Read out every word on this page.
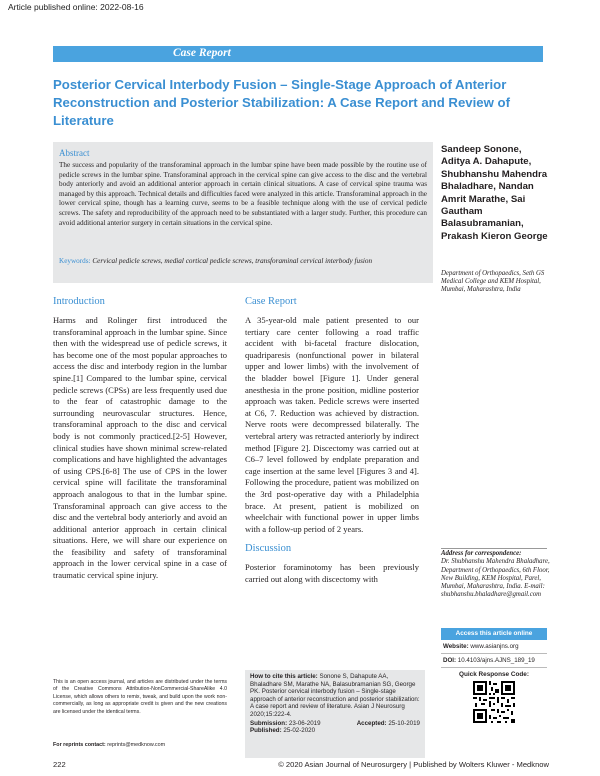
Article published online: 2022-08-16
Case Report
Posterior Cervical Interbody Fusion – Single-Stage Approach of Anterior Reconstruction and Posterior Stabilization: A Case Report and Review of Literature
Abstract

The success and popularity of the transforaminal approach in the lumbar spine have been made possible by the routine use of pedicle screws in the lumbar spine. Transforaminal approach in the cervical spine can give access to the disc and the vertebral body anteriorly and avoid an additional anterior approach in certain clinical situations. A case of cervical spine trauma was managed by this approach. Technical details and difficulties faced were analyzed in this article. Transforaminal approach in the lower cervical spine, though has a learning curve, seems to be a feasible technique along with the use of cervical pedicle screws. The safety and reproducibility of the approach need to be substantiated with a larger study. Further, this procedure can avoid additional anterior surgery in certain situations in the cervical spine.

Keywords: Cervical pedicle screws, medial cortical pedicle screws, transforaminal cervical interbody fusion
Sandeep Sonone, Aditya A. Dahapute, Shubhanshu Mahendra Bhaladhare, Nandan Amrit Marathe, Sai Gautham Balasubramanian, Prakash Kieron George
Department of Orthopaedics, Seth GS Medical College and KEM Hospital, Mumbai, Maharashtra, India
Introduction

Harms and Rolinger first introduced the transforaminal approach in the lumbar spine. Since then with the widespread use of pedicle screws, it has become one of the most popular approaches to access the disc and interbody region in the lumbar spine.[1] Compared to the lumbar spine, cervical pedicle screws (CPSs) are less frequently used due to the fear of catastrophic damage to the surrounding neurovascular structures. Hence, transforaminal approach to the disc and cervical body is not commonly practiced.[2-5] However, clinical studies have shown minimal screw-related complications and have highlighted the advantages of using CPS.[6-8] The use of CPS in the lower cervical spine will facilitate the transforaminal approach analogous to that in the lumbar spine. Transforaminal approach can give access to the disc and the vertebral body anteriorly and avoid an additional anterior approach in certain clinical situations. Here, we will share our experience on the feasibility and safety of transforaminal approach in the lower cervical spine in a case of traumatic cervical spine injury.

Case Report

A 35-year-old male patient presented to our tertiary care center following a road traffic accident with bi-facetal fracture dislocation, quadriparesis (nonfunctional power in bilateral upper and lower limbs) with the involvement of the bladder bowel [Figure 1]. Under general anesthesia in the prone position, midline posterior approach was taken. Pedicle screws were inserted at C6, 7. Reduction was achieved by distraction. Nerve roots were decompressed bilaterally. The vertebral artery was retracted anteriorly by indirect method [Figure 2]. Discectomy was carried out at C6–7 level followed by endplate preparation and cage insertion at the same level [Figures 3 and 4]. Following the procedure, patient was mobilized on the 3rd post-operative day with a Philadelphia brace. At present, patient is mobilized on wheelchair with functional power in upper limbs with a follow-up period of 2 years.

Discussion

Posterior foraminotomy has been previously carried out along with discectomy with

This is an open access journal, and articles are distributed under the terms of the Creative Commons Attribution-NonCommercial-ShareAlike 4.0 License, which allows others to remix, tweak, and build upon the work non-commercially, as long as appropriate credit is given and the new creations are licensed under the identical terms.
For reprints contact: reprints@medknow.com
How to cite this article: Sonone S, Dahapute AA, Bhaladhare SM, Marathe NA, Balasubramanian SG, George PK. Posterior cervical interbody fusion – Single-stage approach of anterior reconstruction and posterior stabilization: A case report and review of literature. Asian J Neurosurg 2020;15:222-4.
Submission: 23-06-2019	Accepted: 25-10-2019
Published: 25-02-2020
Address for correspondence:
Dr. Shubhanshu Mahendra Bhaladhare, Department of Orthopaedics, 6th Floor, New Building, KEM Hospital, Parel, Mumbai, Maharashtra, India. E-mail: shubhanshu.bhaladhare@gmail.com
Access this article online
Website: www.asianjns.org
DOI: 10.4103/ajns.AJNS_189_19
Quick Response Code:
222	© 2020 Asian Journal of Neurosurgery | Published by Wolters Kluwer - Medknow
